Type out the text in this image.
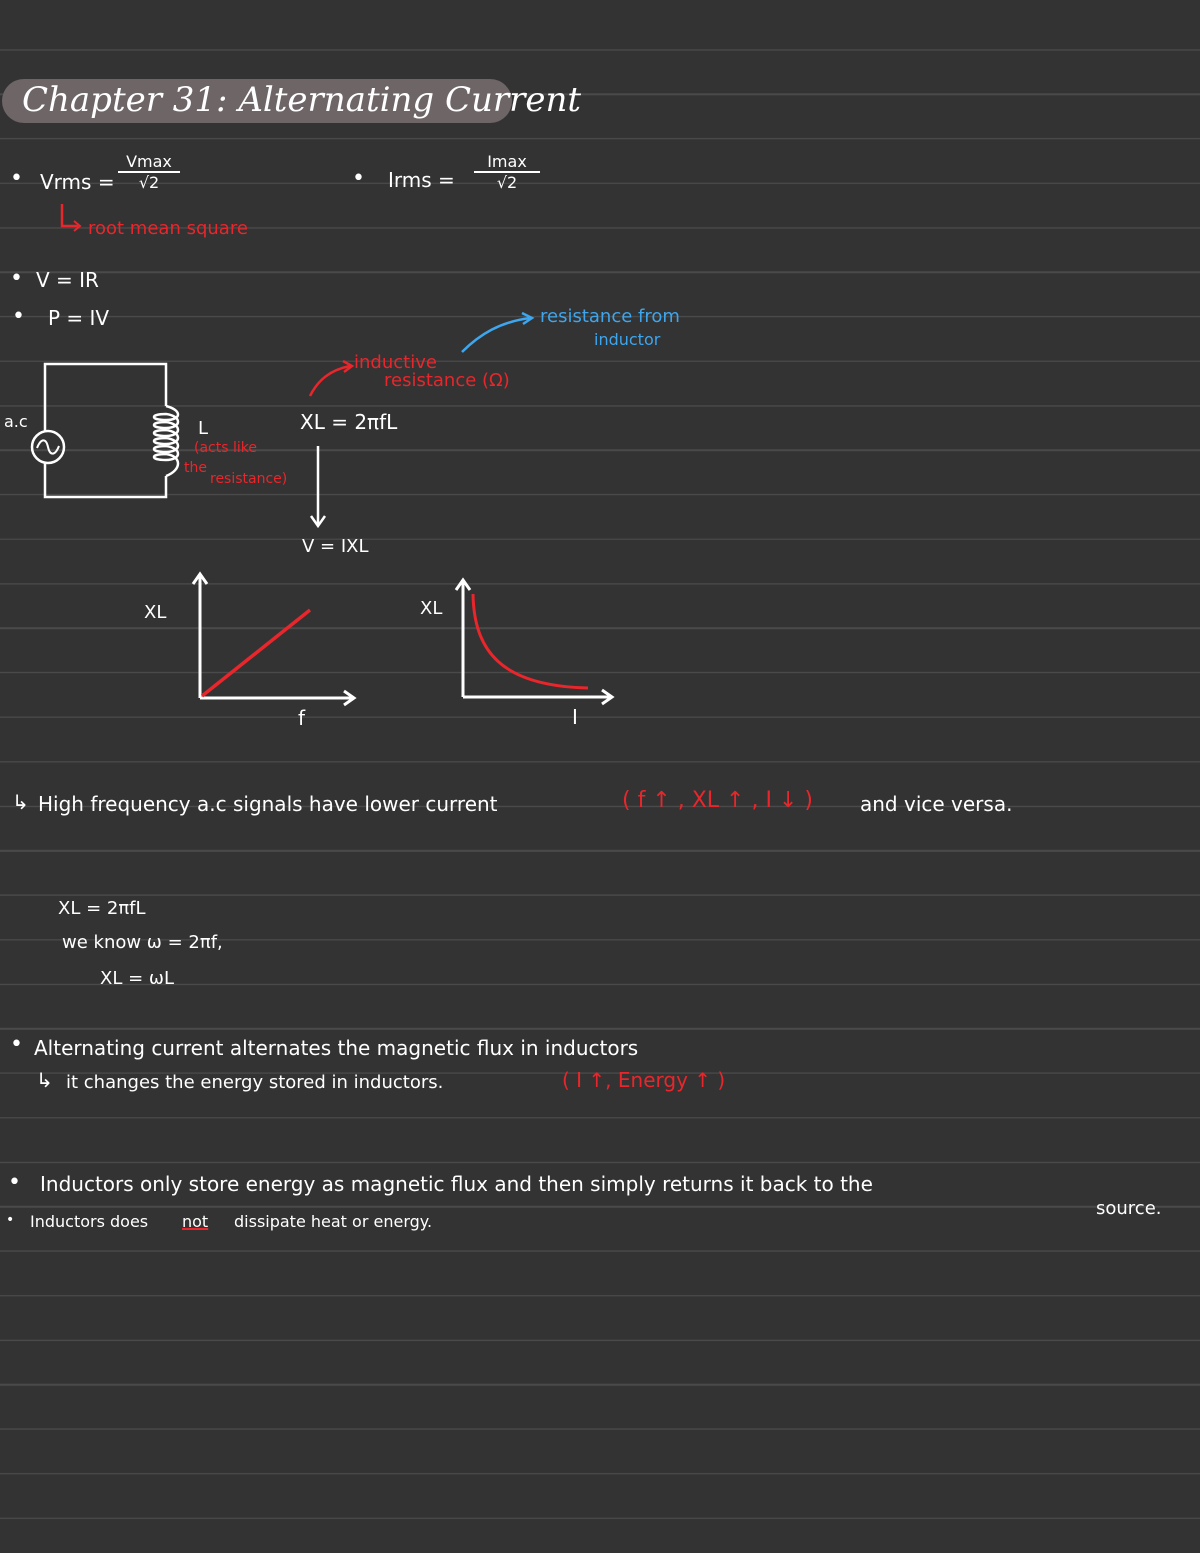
Chapter 31: Alternating Current
• Vrms =
Vmax
√2
root mean square
• Irms =
Imax
√2
• V = IR
• P = IV
a.c	L
(acts like
the
resistance)
inductive
resistance (Ω)
resistance from
inductor
XL = 2πfL
V = IXL
XL
f
XL
I
↳ High frequency a.c signals have lower current	( f ↑ , XL ↑ , I ↓ ) and vice versa.
XL = 2πfL
we know ω = 2πf,
XL = ωL
• Alternating current alternates the magnetic flux in inductors
↳ it changes the energy stored in inductors.	( I ↑, Energy ↑ )
• Inductors only store energy as magnetic flux and then simply returns it back to the
source.
• Inductors does not dissipate heat or energy.
